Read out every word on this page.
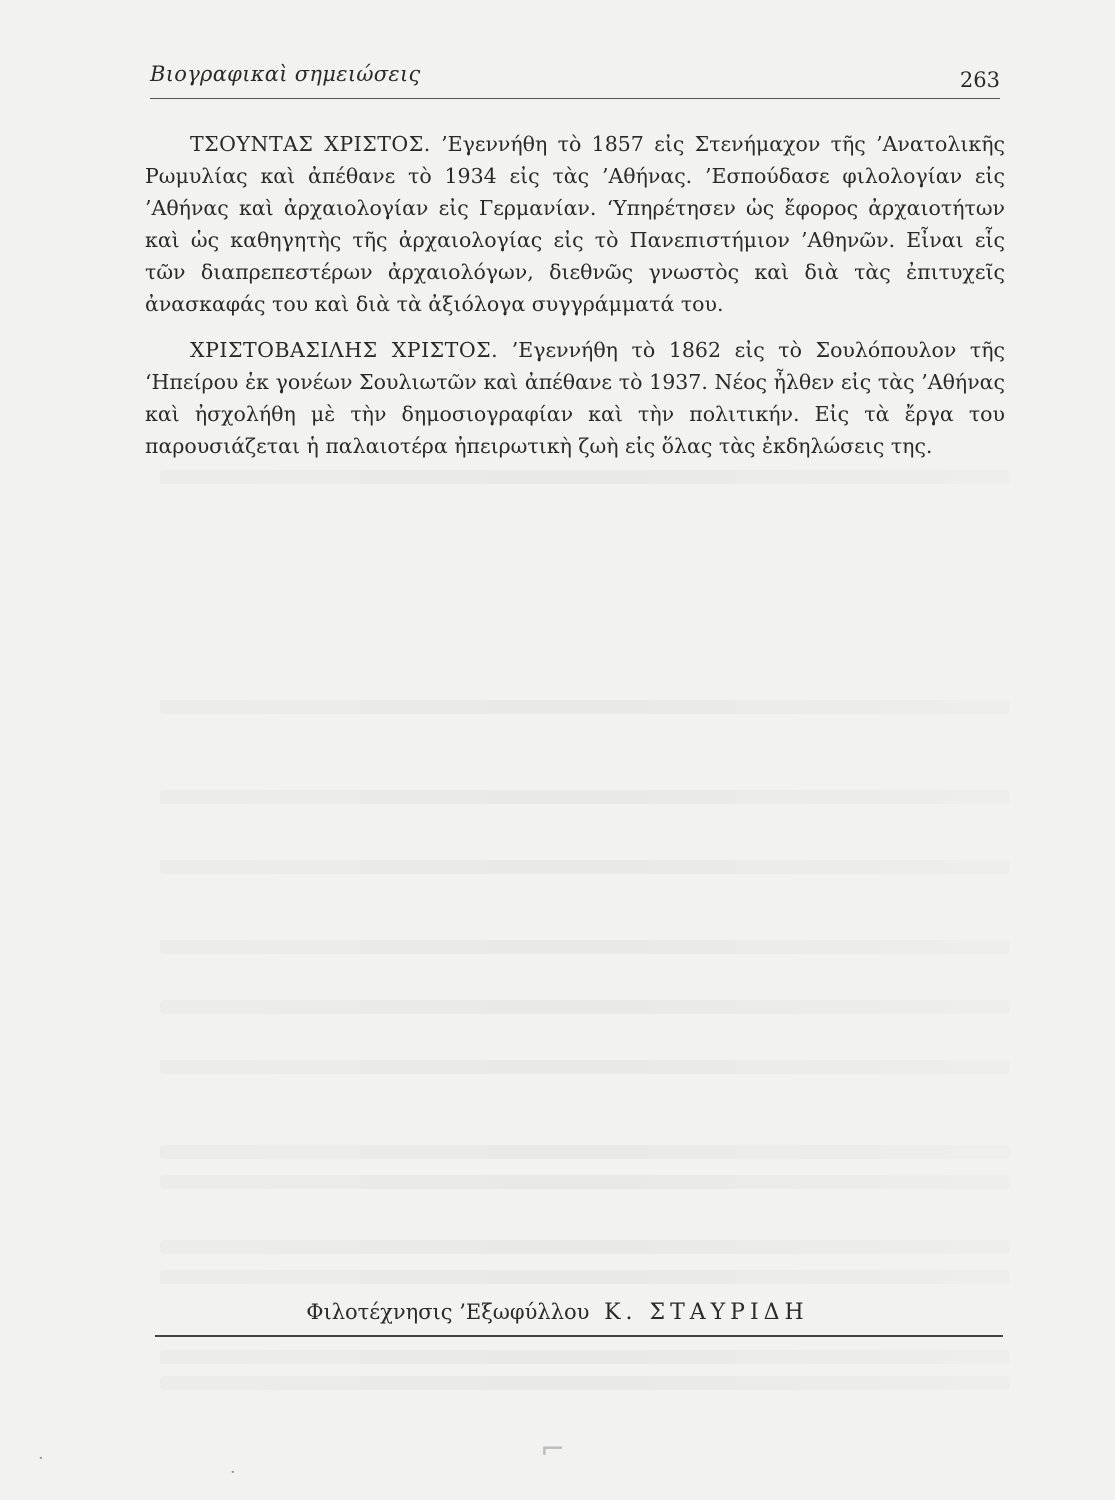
Βιογραφικαὶ σημειώσεις	263

ΤΣΟΥΝΤΑΣ ΧΡΙΣΤΟΣ. ’Εγεννήθη τὸ 1857 εἰς Στενήμαχον τῆς ’Ανατολικῆς Ρωμυλίας καὶ ἀπέθανε τὸ 1934 εἰς τὰς ’Αθήνας. ’Εσπούδασε φιλολογίαν εἰς ’Αθήνας καὶ ἀρχαιολογίαν εἰς Γερμανίαν. ‘Υπηρέτησεν ὡς ἔφορος ἀρχαιοτήτων καὶ ὡς καθηγητὴς τῆς ἀρχαιολογίας εἰς τὸ Πανεπιστήμιον ’Αθηνῶν. Εἶναι εἷς τῶν διαπρεπεστέρων ἀρχαιολόγων, διεθνῶς γνωστὸς καὶ διὰ τὰς ἐπιτυχεῖς ἀνασκαφάς του καὶ διὰ τὰ ἀξιόλογα συγγράμματά του.

ΧΡΙΣΤΟΒΑΣΙΛΗΣ ΧΡΙΣΤΟΣ. ’Εγεννήθη τὸ 1862 εἰς τὸ Σουλόπουλον τῆς ‘Ηπείρου ἐκ γονέων Σουλιωτῶν καὶ ἀπέθανε τὸ 1937. Νέος ἦλθεν εἰς τὰς ’Αθήνας καὶ ἠσχολήθη μὲ τὴν δημοσιογραφίαν καὶ τὴν πολιτικήν. Εἰς τὰ ἔργα του παρουσιάζεται ἡ παλαιοτέρα ἠπειρωτικὴ ζωὴ εἰς ὅλας τὰς ἐκδηλώσεις της.

Φιλοτέχνησις ’Εξωφύλλου Κ. ΣΤΑΥΡΙΔΗ
·	⌐
·
